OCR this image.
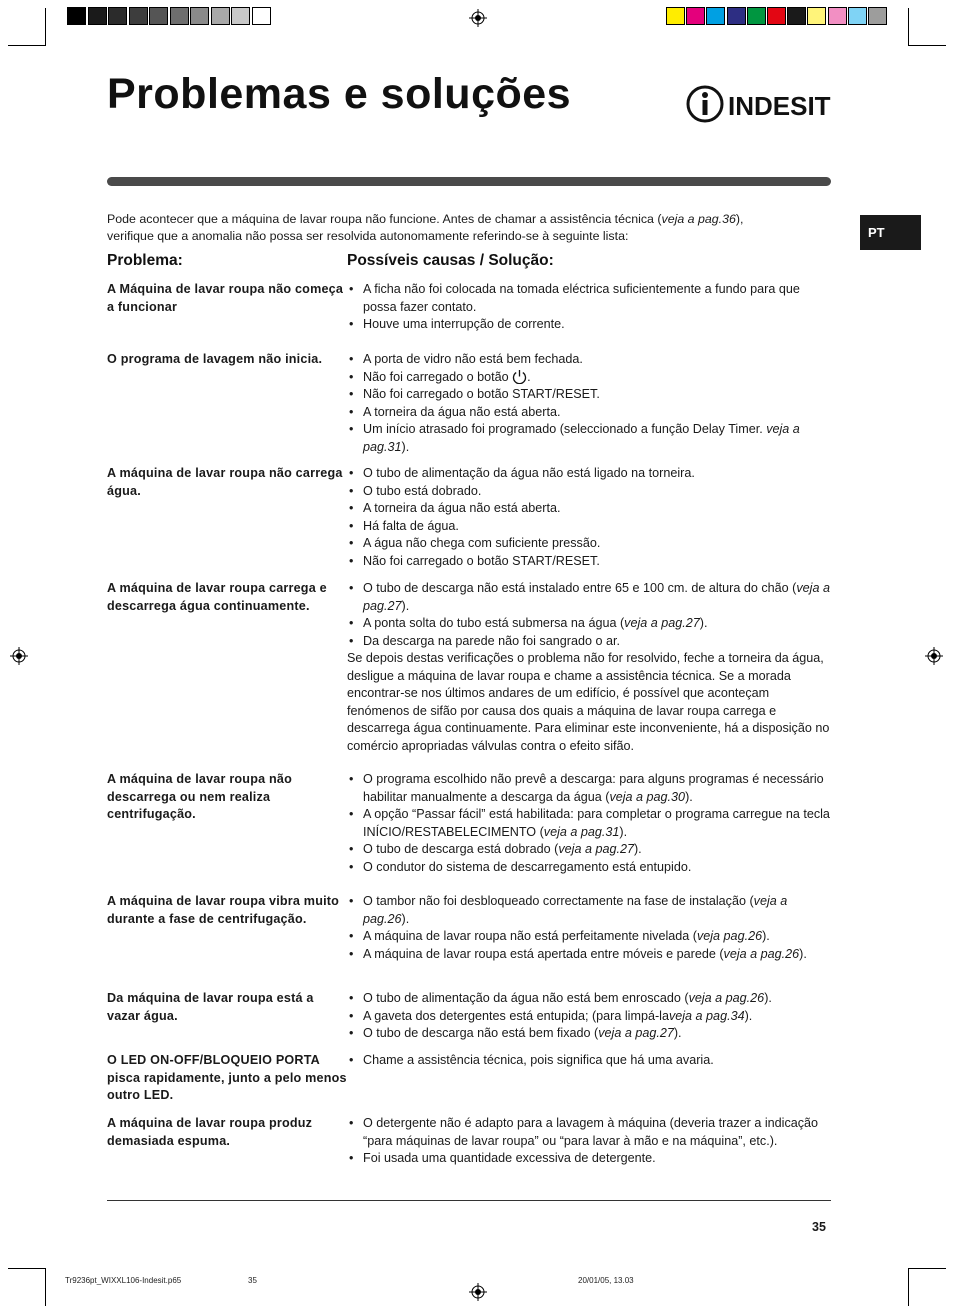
Problemas e soluções	INDESIT
PT
Pode acontecer que a máquina de lavar roupa não funcione. Antes de chamar a assistência técnica (veja a pag.36),
verifique que a anomalia não possa ser resolvida autonomamente referindo-se à seguinte lista:
Problema:	Possíveis causas / Solução:
A Máquina de lavar roupa não começa a funcionar
• A ficha não foi colocada na tomada eléctrica suficientemente a fundo para que possa fazer contato.
• Houve uma interrupção de corrente.
O programa de lavagem não inicia.
•	A porta de vidro não está bem fechada.
• Não foi carregado o botão .
• Não foi carregado o botão START/RESET.
• A torneira da água não está aberta.
• Um início atrasado foi programado (seleccionado a função Delay Timer. veja a pag.31).
A máquina de lavar roupa não carrega água.
• O tubo de alimentação da água não está ligado na torneira.
• O tubo está dobrado.
• A torneira da água não está aberta.
• Há falta de água.
• A água não chega com suficiente pressão.
• Não foi carregado o botão START/RESET.
A máquina de lavar roupa carrega e descarrega água continuamente.
• O tubo de descarga não está instalado entre 65 e 100 cm. de altura do chão (veja a pag.27).
• A ponta solta do tubo está submersa na água (veja a pag.27).
• Da descarga na parede não foi sangrado o ar.

Se depois destas verificações o problema não for resolvido, feche a torneira da água, desligue a máquina de lavar roupa e chame a assistência técnica. Se a morada encontrar-se nos últimos andares de um edifício, é possível que aconteçam fenómenos de sifão por causa dos quais a máquina de lavar roupa carrega e descarrega água continuamente. Para eliminar este inconveniente, há a disposição no comércio apropriadas válvulas contra o efeito sifão.

A máquina de lavar roupa não descarrega ou nem realiza centrifugação.
• O programa escolhido não prevê a descarga: para alguns programas é necessário habilitar manualmente a descarga da água (veja a pag.30).
• A opção “Passar fácil” está habilitada: para completar o programa carregue na tecla INÍCIO/RESTABELECIMENTO (veja a pag.31).
• O tubo de descarga está dobrado (veja a pag.27).
• O condutor do sistema de descarregamento está entupido.
A máquina de lavar roupa vibra muito durante a fase de centrifugação.
• O tambor não foi desbloqueado correctamente na fase de instalação (veja a pag.26).
• A máquina de lavar roupa não está perfeitamente nivelada (veja pag.26).
• A máquina de lavar roupa está apertada entre móveis e parede (veja a pag.26).
Da máquina de lavar roupa está a vazar água.
• O tubo de alimentação da água não está bem enroscado (veja a pag.26).
• A gaveta dos detergentes está entupida; (para limpá-laveja a pag.34).
• O tubo de descarga não está bem fixado (veja a pag.27).
O LED ON-OFF/BLOQUEIO PORTA pisca rapidamente, junto a pelo menos outro LED.
• Chame a assistência técnica, pois significa que há uma avaria.
A máquina de lavar roupa produz demasiada espuma.
• O detergente não é adapto para a lavagem à máquina (deveria trazer a indicação “para máquinas de lavar roupa” ou “para lavar à mão e na máquina”, etc.).
• Foi usada uma quantidade excessiva de detergente.
35
Tr9236pt_WIXXL106-Indesit.p65	35	20/01/05, 13.03
